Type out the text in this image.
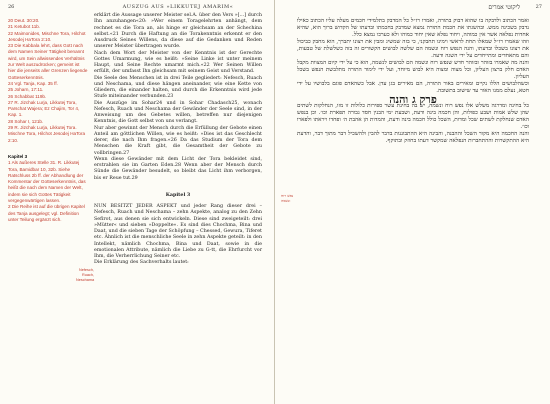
26	AUSZUG AUS »LIKKUTEJ AMARIM«

20 Deut. 30:20.

21 Ketubot 11b.

22 Maimonides, Mischne Tora, Hilchot Jesodej HaTora 2:10.

23 Die Kabbala lehrt, dass Gott nach dem Namen Seiner Tätigkeit benannt wird, um Sein allwissendes Verhältnis zur Welt auszudrücken; gemeint ist hier die jenseits aller Grenzen liegende Gotteserkenntnis.

24 Vgl. Tanja, Kap. 35 ff.

25 Joharn, 17:11.

26 Schabbat 119b.

27 R. Jizchak Lurja, Likkutej Tora, Parschat Wajera; Ez Chajim, Tor 4, Kap. 1.

28 Sohar I, 121b.

29 R. Jizchak Lurja, Likkutej Tora.

Mischne Tora, Hilchot Jesodej HaTora 2:10.

Kapitel 3

1 Als äußeres Stelle 31. R. Likkutej Tora, Bamidbar 10, 32b. Siehe Ratschluss 2b ff. der Abhandlung der Kommentar der Gotteserkenntnis, das heißt die nach dem Namen der Welt, indem sie sich Gottes Tätigkeit vergegenwärtigen lassen.

2 Die Reihe ist auf die übrigen Kapitel des Tanja ausgelegt; vgl. Definition unter Teilung ergänzt sich.

erklärt die Aussage unserer Meister sel.A. über den Vers »[…] durch Ihn anzuhangen«20: »Wer einem Toragelehrten anhängt, dem rechnet es die Tora an, als hinge er gleichsam an der Schechina selbst.«21 Durch die Haftung an die Torakenntnis erkennt er den Ausdruck Seines Willens, da diese auf die Gedanken und Reden unserer Meister übertragen wurde.

Nach dem Wort der Meister von der Kenntnis ist der Gerechte Gottes Umarmung, wie es heißt: »Seine Linke ist unter meinem Haupt, und Seine Rechte umarmt mich.«22 Wer Seinen Willen erfüllt, der umfasst Ihn gleichsam mit seinem Geist und Verstand.

Die Seele des Menschen ist in drei Teile gegliedert: Nefesch, Ruach und Neschama, und diese hängen aneinander, wie eine Kette von Gliedern, die einander halten, und durch die Erkenntnis wird jede Stufe miteinander verbunden.23

Die Auszüge im Sohar24 und in Sohar Chadasch25, wonach Nefesch, Ruach und Neschama der Gewänder der Seele sind, in der Anweisung um des Gebetes willen, betreffen nur diejenigen Kenntnis, die Gott selbst von uns verlangt.

Nur aber gewinnt der Mensch durch die Erfüllung der Gebote einen Anteil am göttlichen Willen, wie es heißt: »Dies ist das Geschlecht derer, die nach Ihm fragen.«26 Da das Studium der Tora dem Menschen die Kraft gibt, die Gesamtheit der Gebote zu vollbringen.27

Wenn diese Gewänder mit dem Licht der Tora bekleidet sind, erstrahlen sie im Garten Eden.28 Wenn aber der Mensch durch Sünde die Gewänder besudelt, so bleibt das Licht ihm verborgen, bis er Reue tut.29

Kapitel 3

NUN BESITZT JEDER ASPEKT und jeder Rang dieser drei – Nefesch, Ruach und Neschama – zehn Aspekte, analog zu den Zehn Sefirot, aus denen sie sich entwickeln. Diese sind zweigeteilt: drei »Mütter« und sieben »Doppelte«. Es sind dies Chochma, Bina und Daat, und die sieben Tage der Schöpfung – Chessed, Gewura, Tiferet etc. Ähnlich ist die menschliche Seele in zehn Aspekte geteilt: in den Intellekt, nämlich Chochma, Bina und Daat, sowie in die emotionalen Attribute, nämlich die Liebe zu G-tt, die Ehrfurcht vor Ihm, die Verherrlichung Seiner etc.

Die Erklärung des Sachverhalts lautet:

Nefesch, Ruach, Neschama
27
ליקוטי אמרים

ואמר הכתוב ולדבקה בו שהוא דבוק בתורה, ואמרו רז״ל כל המדבק בתלמידי חכמים מעלה עליו הכתוב כאילו נדבק בשכינה ממש. ובהשגתו את חכמת התורה נמצא שמדבק בחכמתו ובדעתו של הקדוש ברוך הוא, שהיא אחדות נפלאה אשר אין כמוהה, ויחוד נפלא שאין יחוד כמוהו ולא כערכו נמצא כלל.

וזהו שאמרו רז״ל שמאלו תחת לראשי וימינו תחבקני, כי בזה שמשיג ומבין את רצונו יתברך, הוא מחבק כביכול את רצונו בשכלו ובדעתו, והנה הנפש רוח ונשמה הם שלשה לבושים הקשורים זה בזה כשלשלת של טבעות, והם מתאחדים ומתייחדים על ידי השגה ודעה.

והנה מה שאמרו בזוהר ובזוהר חדש שנפש רוח ונשמה הם לבושים לנשמה, הוא כי על ידי קיום המצוות מקבל האדם חלק ברצון העליון, וכל מצוה ומצוה היא לבוש מיוחד, ועל ידי לימוד התורה מתלבשת הנפש בשכל העליון.

וכשהלבושים הללו נקיים ומאירים באור התורה, הם מאירים בגן עדן. אבל כשהאדם פוגם בלבושיו על ידי חטא, נעלם ממנו האור עד שישוב בתשובה.

פרק ג והנה

כל בחינה ומדרגה משלש אלו נפש רוח ונשמה, יש בה בחינת עשר ספירות כלולות זו מזו, הנחלקות לשתים שהן שלש אמות ושבע כפולות, והן חכמה בינה ודעת, ושבעת ימי הבנין חסד גבורה תפארת וכו׳. וכן בנפש האדם שנחלקת לשתים שכל ומדות, השכל כולל חכמה בינה ודעת, והמדות הן אהבת ה׳ ופחדו ויראתו ולפארו וכו׳.

והנה החכמה היא מקור השכל וההבנה, והבינה היא ההתבוננות בדבר להבין ולהשכיל דבר מתוך דבר, והדעת היא ההתקשרות וההתחברות הנפלאה שמקשר דעתו בחוזק ובתוקף.

נפש רוח ונשמה
